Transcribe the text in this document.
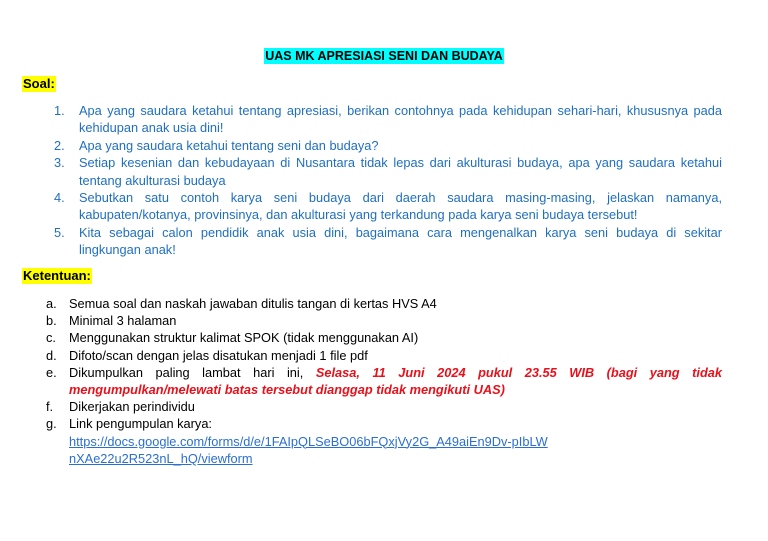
UAS MK APRESIASI SENI DAN BUDAYA
Soal:
1.	Apa yang saudara ketahui tentang apresiasi, berikan contohnya pada kehidupan sehari-hari, khususnya pada kehidupan anak usia dini!
2.	Apa yang saudara ketahui tentang seni dan budaya?
3.	Setiap kesenian dan kebudayaan di Nusantara tidak lepas dari akulturasi budaya, apa yang saudara ketahui tentang akulturasi budaya
4.	Sebutkan satu contoh karya seni budaya dari daerah saudara masing-masing, jelaskan namanya, kabupaten/kotanya, provinsinya, dan akulturasi yang terkandung pada karya seni budaya tersebut!
5.	Kita sebagai calon pendidik anak usia dini, bagaimana cara mengenalkan karya seni budaya di sekitar lingkungan anak!
Ketentuan:
a. Semua soal dan naskah jawaban ditulis tangan di kertas HVS A4
b. Minimal 3 halaman
c.	Menggunakan struktur kalimat SPOK (tidak menggunakan AI)
d. Difoto/scan dengan jelas disatukan menjadi 1 file pdf
e. Dikumpulkan paling lambat hari ini, Selasa, 11 Juni 2024 pukul 23.55 WIB (bagi yang tidak mengumpulkan/melewati batas tersebut dianggap tidak mengikuti UAS)
f.	Dikerjakan perindividu
g. Link pengumpulan karya:
https://docs.google.com/forms/d/e/1FAIpQLSeBO06bFQxjVy2G_A49aiEn9Dv-pIbLWnXAe22u2R523nL_hQ/viewform
